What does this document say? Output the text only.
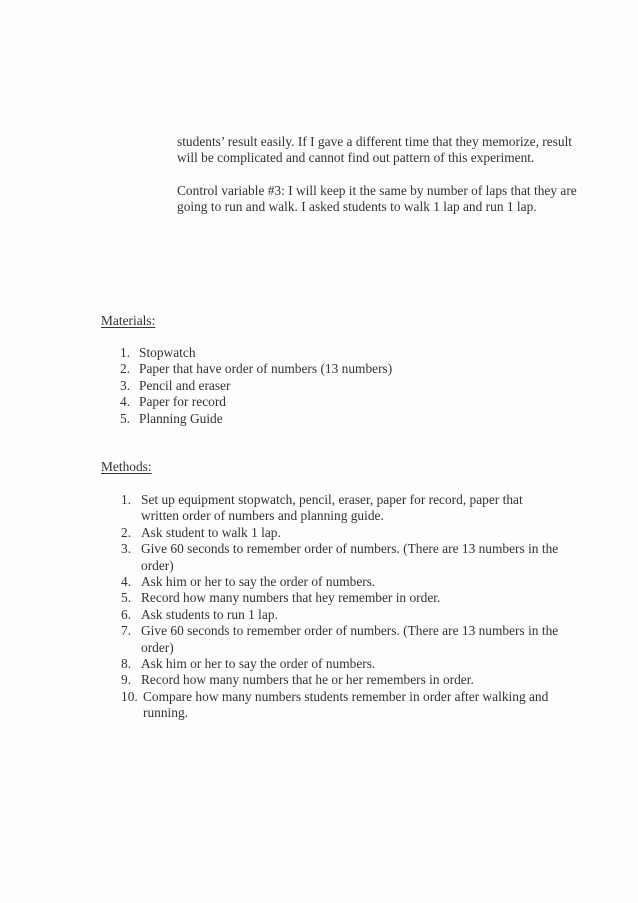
students’ result easily. If I gave a different time that they memorize, result will be complicated and cannot find out pattern of this experiment.

Control variable #3: I will keep it the same by number of laps that they are going to run and walk. I asked students to walk 1 lap and run 1 lap.

Materials:
1. Stopwatch
2. Paper that have order of numbers (13 numbers)
3. Pencil and eraser
4. Paper for record
5. Planning Guide
Methods:
1. Set up equipment stopwatch, pencil, eraser, paper for record, paper that written order of numbers and planning guide.
2. Ask student to walk 1 lap.
3. Give 60 seconds to remember order of numbers. (There are 13 numbers in the order)
4. Ask him or her to say the order of numbers.
5. Record how many numbers that hey remember in order.
6. Ask students to run 1 lap.
7. Give 60 seconds to remember order of numbers. (There are 13 numbers in the order)
8. Ask him or her to say the order of numbers.
9. Record how many numbers that he or her remembers in order.
10. Compare how many numbers students remember in order after walking and running.
